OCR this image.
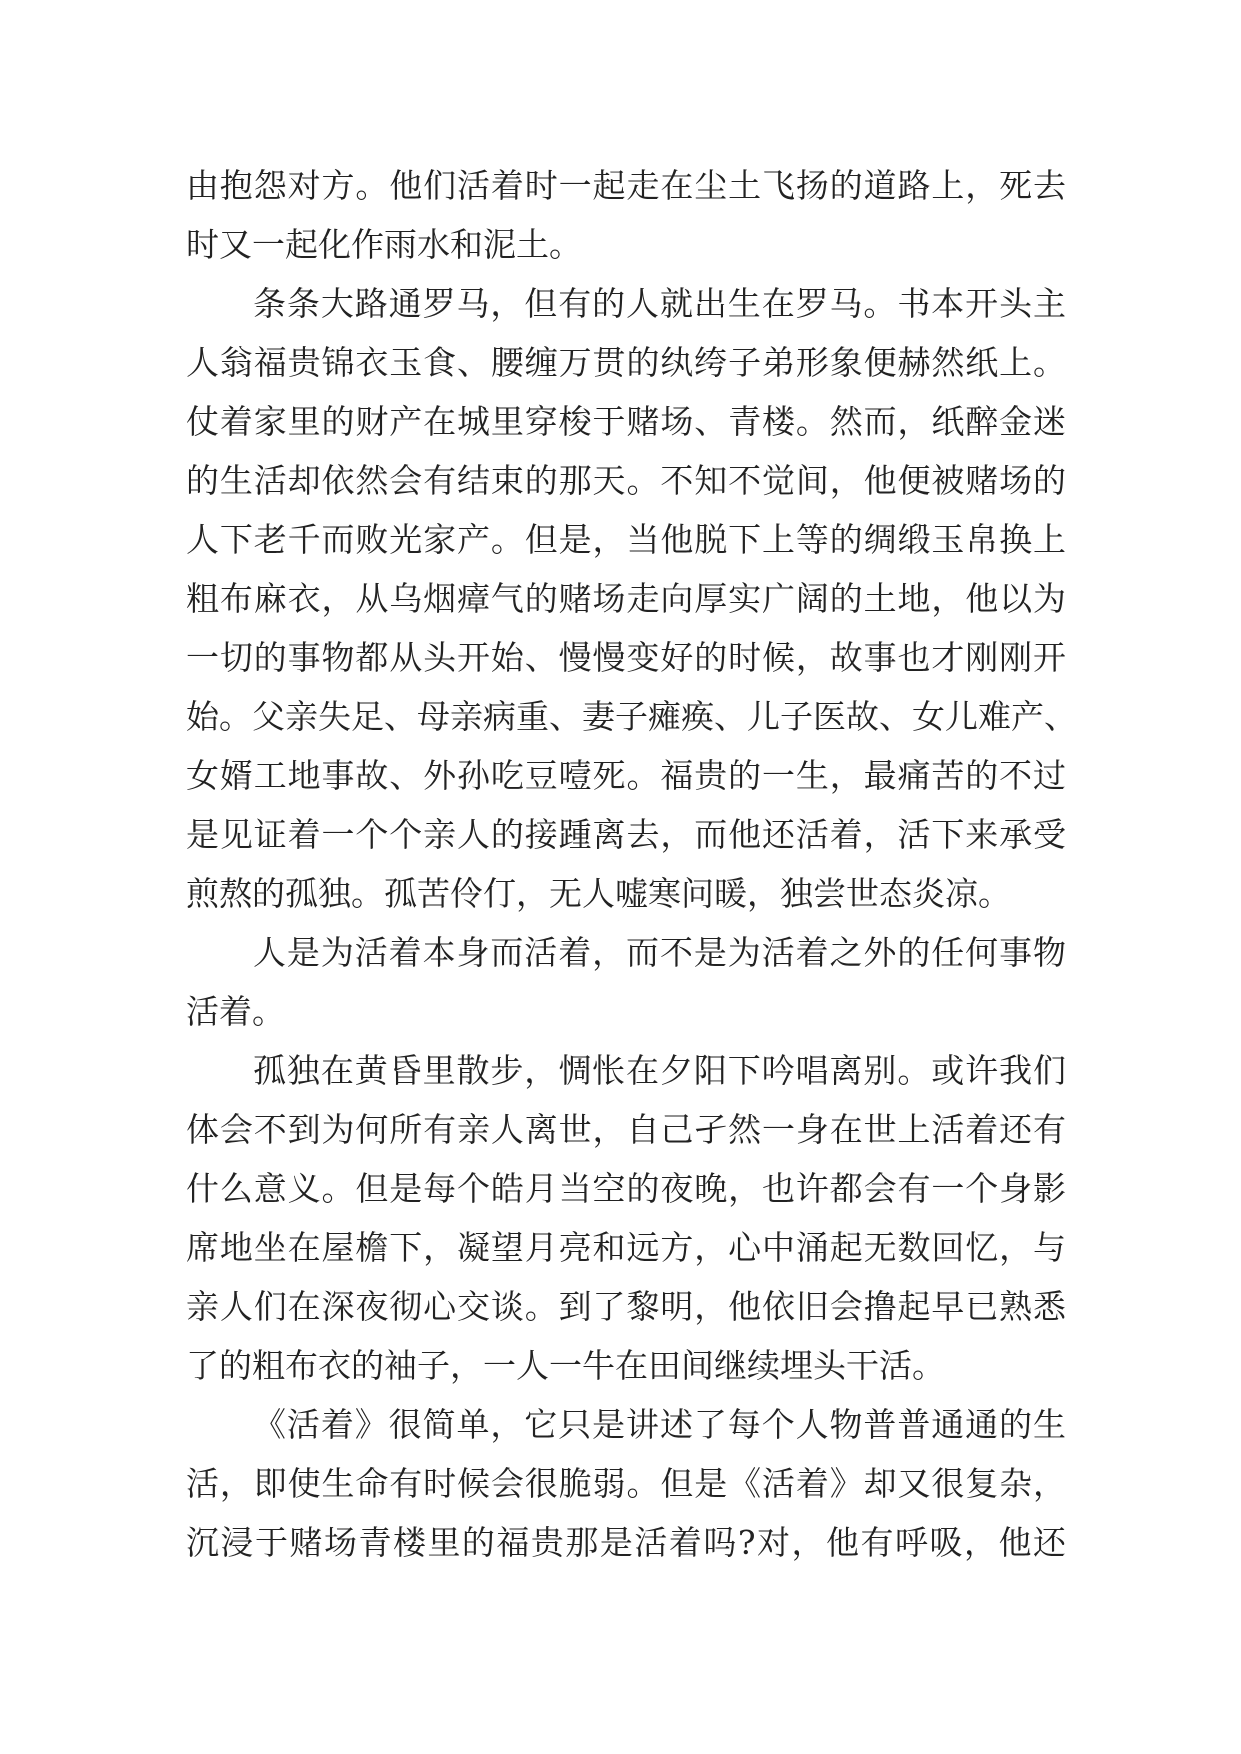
由抱怨对方。他们活着时一起走在尘土飞扬的道路上，死去
时又一起化作雨水和泥土。
条条大路通罗马，但有的人就出生在罗马。书本开头主
人翁福贵锦衣玉食、腰缠万贯的纨绔子弟形象便赫然纸上。
仗着家里的财产在城里穿梭于赌场、青楼。然而，纸醉金迷
的生活却依然会有结束的那天。不知不觉间，他便被赌场的
人下老千而败光家产。但是，当他脱下上等的绸缎玉帛换上
粗布麻衣，从乌烟瘴气的赌场走向厚实广阔的土地，他以为
一切的事物都从头开始、慢慢变好的时候，故事也才刚刚开
始。父亲失足、母亲病重、妻子瘫痪、儿子医故、女儿难产、
女婿工地事故、外孙吃豆噎死。福贵的一生，最痛苦的不过
是见证着一个个亲人的接踵离去，而他还活着，活下来承受
煎熬的孤独。孤苦伶仃，无人嘘寒问暖，独尝世态炎凉。
人是为活着本身而活着，而不是为活着之外的任何事物
活着。
孤独在黄昏里散步，惆怅在夕阳下吟唱离别。或许我们
体会不到为何所有亲人离世，自己孑然一身在世上活着还有
什么意义。但是每个皓月当空的夜晚，也许都会有一个身影
席地坐在屋檐下，凝望月亮和远方，心中涌起无数回忆，与
亲人们在深夜彻心交谈。到了黎明，他依旧会撸起早已熟悉
了的粗布衣的袖子，一人一牛在田间继续埋头干活。
《活着》很简单，它只是讲述了每个人物普普通通的生
活，即使生命有时候会很脆弱。但是《活着》却又很复杂，
沉浸于赌场青楼里的福贵那是活着吗?对，他有呼吸，他还
